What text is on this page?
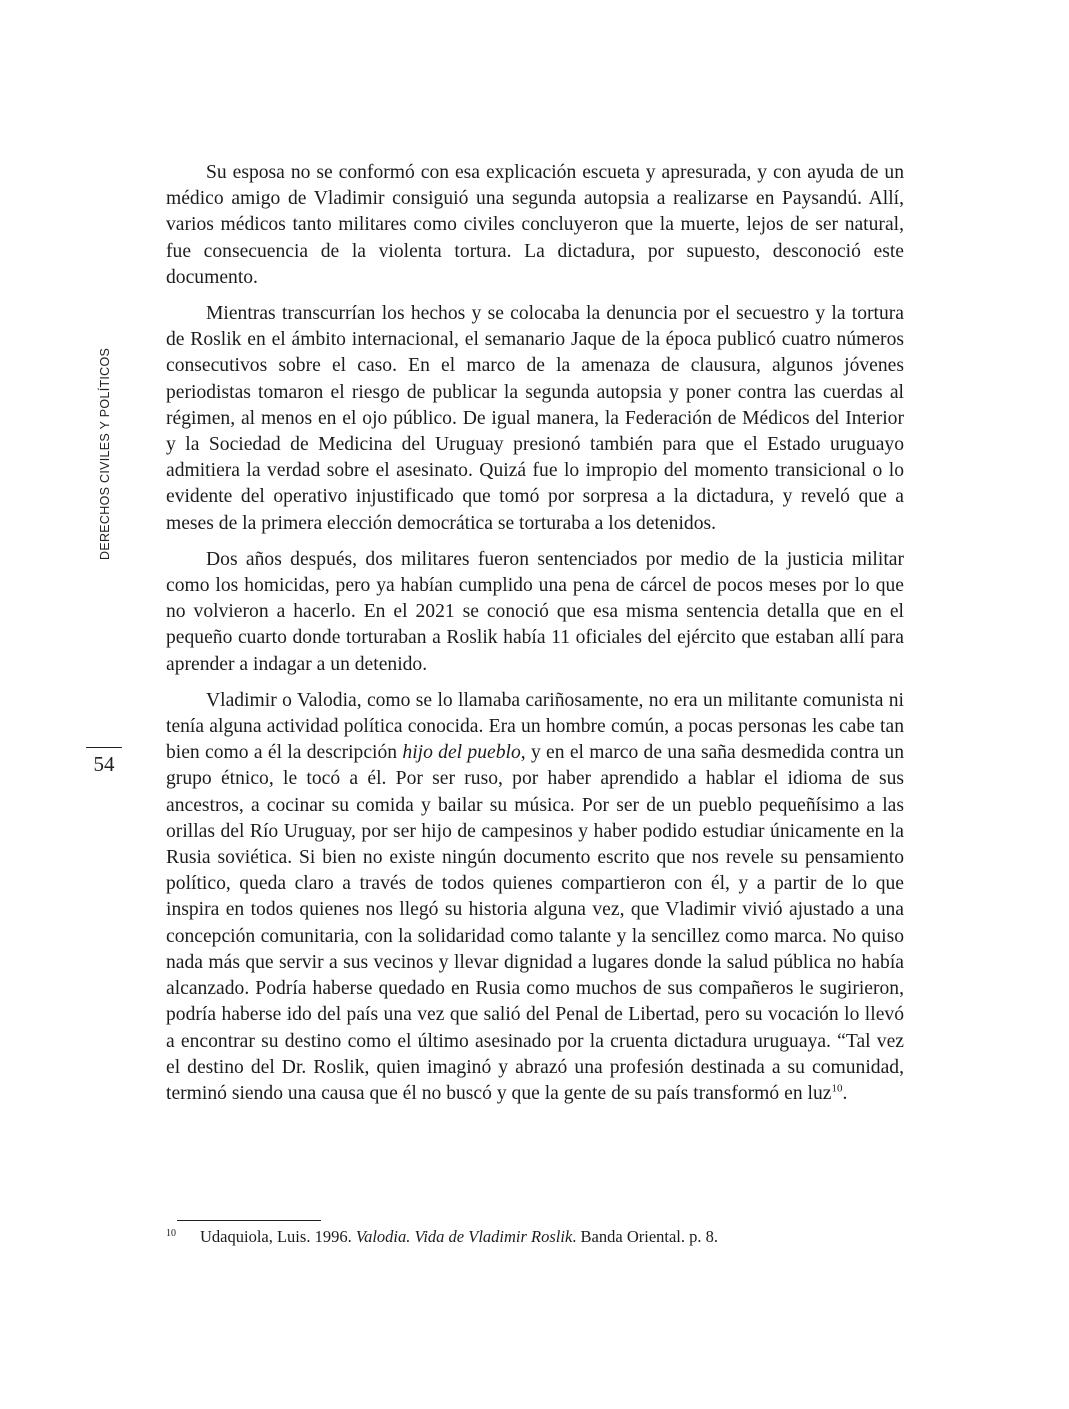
DERECHOS CIVILES Y POLÍTICOS
54

Su esposa no se conformó con esa explicación escueta y apresurada, y con ayuda de un médico amigo de Vladimir consiguió una segunda autopsia a realizarse en Paysandú. Allí, varios médicos tanto militares como civiles concluyeron que la muerte, lejos de ser natural, fue consecuencia de la violenta tortura. La dictadura, por supuesto, desconoció este documento.

Mientras transcurrían los hechos y se colocaba la denuncia por el secuestro y la tortura de Roslik en el ámbito internacional, el semanario Jaque de la época publicó cuatro números consecutivos sobre el caso. En el marco de la amenaza de clausura, algunos jóvenes periodistas tomaron el riesgo de publicar la segunda autopsia y poner contra las cuerdas al régimen, al menos en el ojo público. De igual manera, la Federación de Médicos del Interior y la Sociedad de Medicina del Uruguay presionó también para que el Estado uruguayo admitiera la verdad sobre el asesinato. Quizá fue lo impropio del momento transicional o lo evidente del operativo injustificado que tomó por sorpresa a la dictadura, y reveló que a meses de la primera elección democrática se torturaba a los detenidos.

Dos años después, dos militares fueron sentenciados por medio de la justicia militar como los homicidas, pero ya habían cumplido una pena de cárcel de pocos meses por lo que no volvieron a hacerlo. En el 2021 se conoció que esa misma sentencia detalla que en el pequeño cuarto donde torturaban a Roslik había 11 oficiales del ejército que estaban allí para aprender a indagar a un detenido.

Vladimir o Valodia, como se lo llamaba cariñosamente, no era un militante comunista ni tenía alguna actividad política conocida. Era un hombre común, a pocas personas les cabe tan bien como a él la descripción hijo del pueblo, y en el marco de una saña desmedida contra un grupo étnico, le tocó a él. Por ser ruso, por haber aprendido a hablar el idioma de sus ancestros, a cocinar su comida y bailar su música. Por ser de un pueblo pequeñísimo a las orillas del Río Uruguay, por ser hijo de campesinos y haber podido estudiar únicamente en la Rusia soviética. Si bien no existe ningún documento escrito que nos revele su pensamiento político, queda claro a través de todos quienes compartieron con él, y a partir de lo que inspira en todos quienes nos llegó su historia alguna vez, que Vladimir vivió ajustado a una concepción comunitaria, con la solidaridad como talante y la sencillez como marca. No quiso nada más que servir a sus vecinos y llevar dignidad a lugares donde la salud pública no había alcanzado. Podría haberse quedado en Rusia como muchos de sus compañeros le sugirieron, podría haberse ido del país una vez que salió del Penal de Libertad, pero su vocación lo llevó a encontrar su destino como el último asesinado por la cruenta dictadura uruguaya. “Tal vez el destino del Dr. Roslik, quien imaginó y abrazó una profesión destinada a su comunidad, terminó siendo una causa que él no buscó y que la gente de su país transformó en luz$^{10}$.

10 Udaquiola, Luis. 1996. Valodia. Vida de Vladimir Roslik. Banda Oriental. p. 8.
